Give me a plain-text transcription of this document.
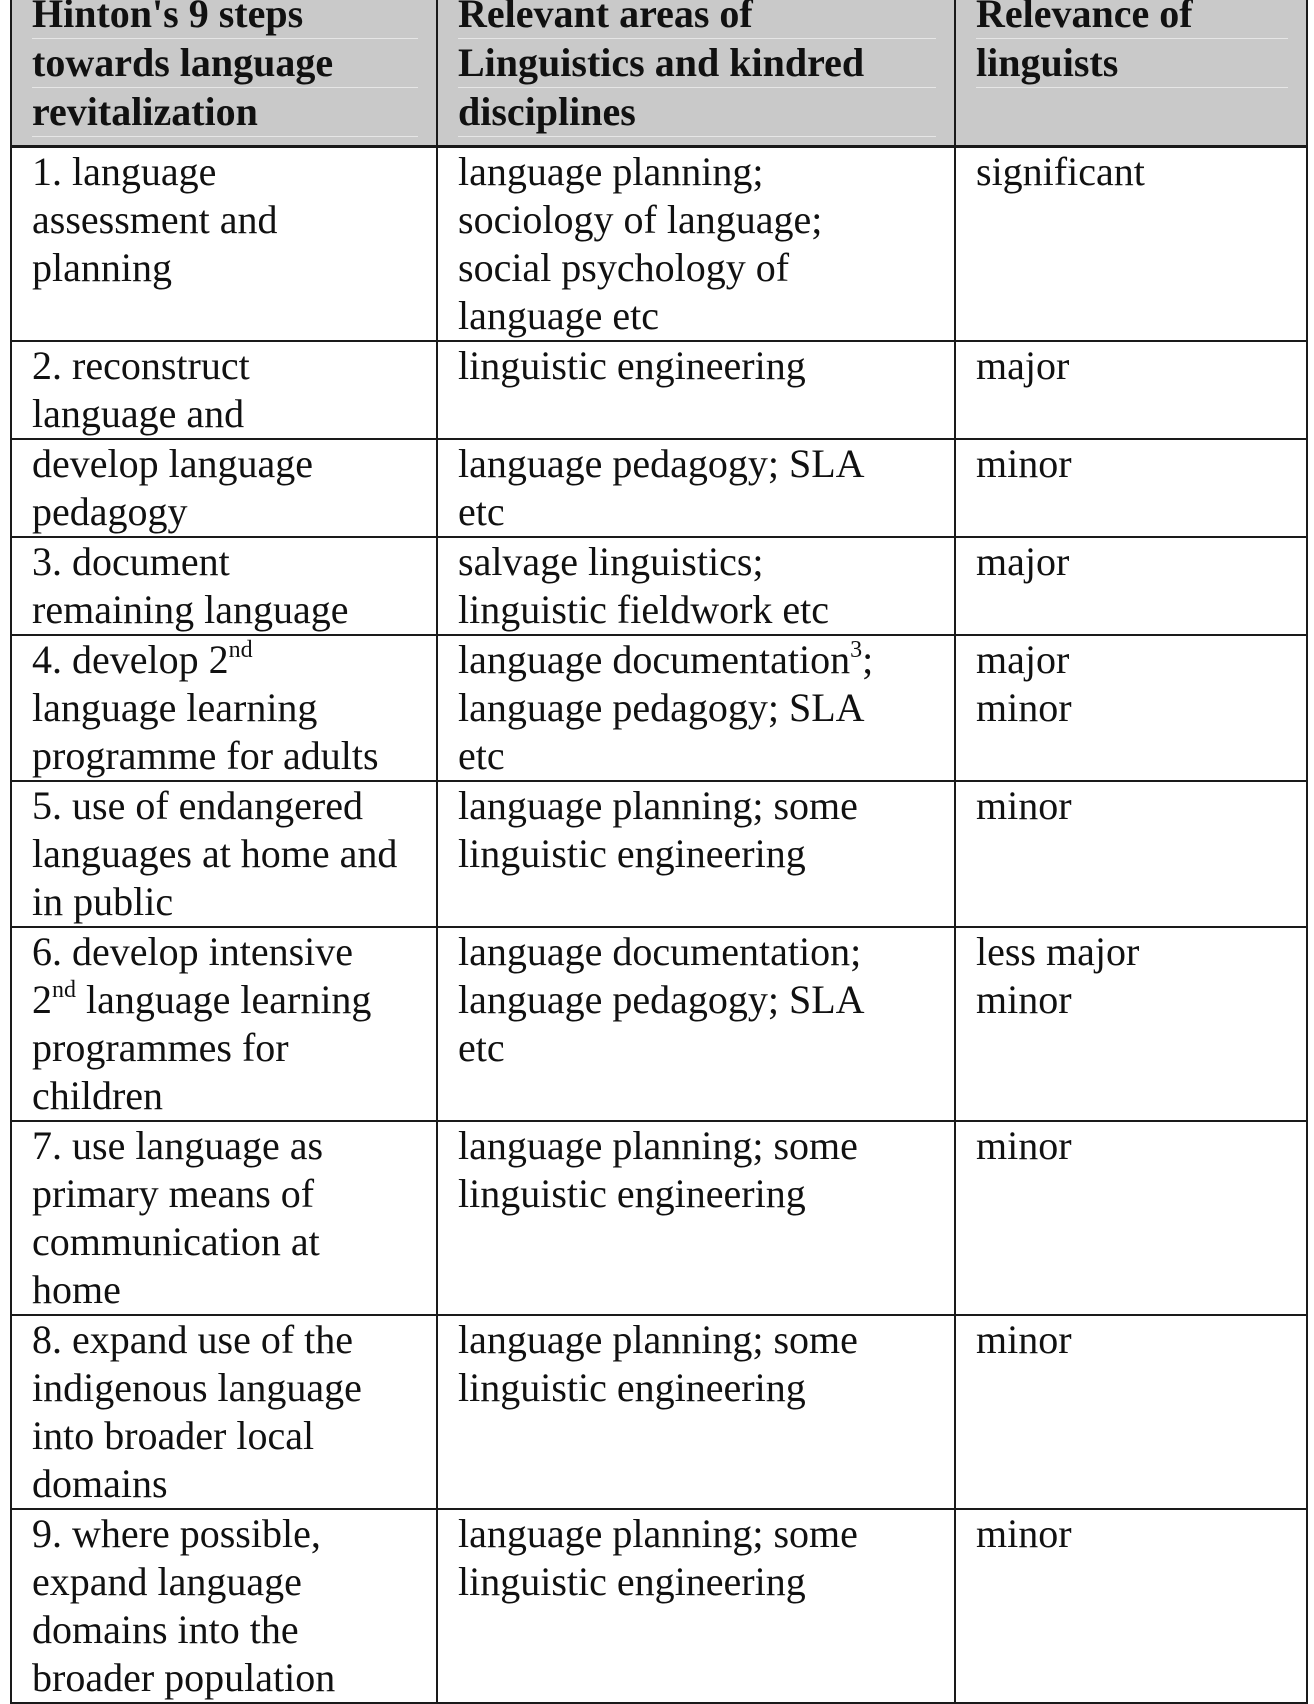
Hinton's 9 steps
towards language
revitalization	Relevant areas of
Linguistics and kindred
disciplines	Relevance of
linguists

1. language
assessment and
planning	language planning;
sociology of language;
social psychology of
language etc	significant

2. reconstruct
language and	linguistic engineering	major

develop language
pedagogy	language pedagogy; SLA
etc	minor

3. document
remaining language	salvage linguistics;
linguistic fieldwork etc	major

4. develop 2nd
language learning
programme for adults	language documentation$^3$;
language pedagogy; SLA
etc	major
minor

5. use of endangered
languages at home and
in public	language planning; some
linguistic engineering	minor

6. develop intensive
2nd language learning
programmes for
children	language documentation;
language pedagogy; SLA
etc	less major
minor

7. use language as
primary means of
communication at
home	language planning; some
linguistic engineering	minor

8. expand use of the
indigenous language
into broader local
domains	language planning; some
linguistic engineering	minor

9. where possible,
expand language
domains into the
broader population	language planning; some
linguistic engineering	minor
